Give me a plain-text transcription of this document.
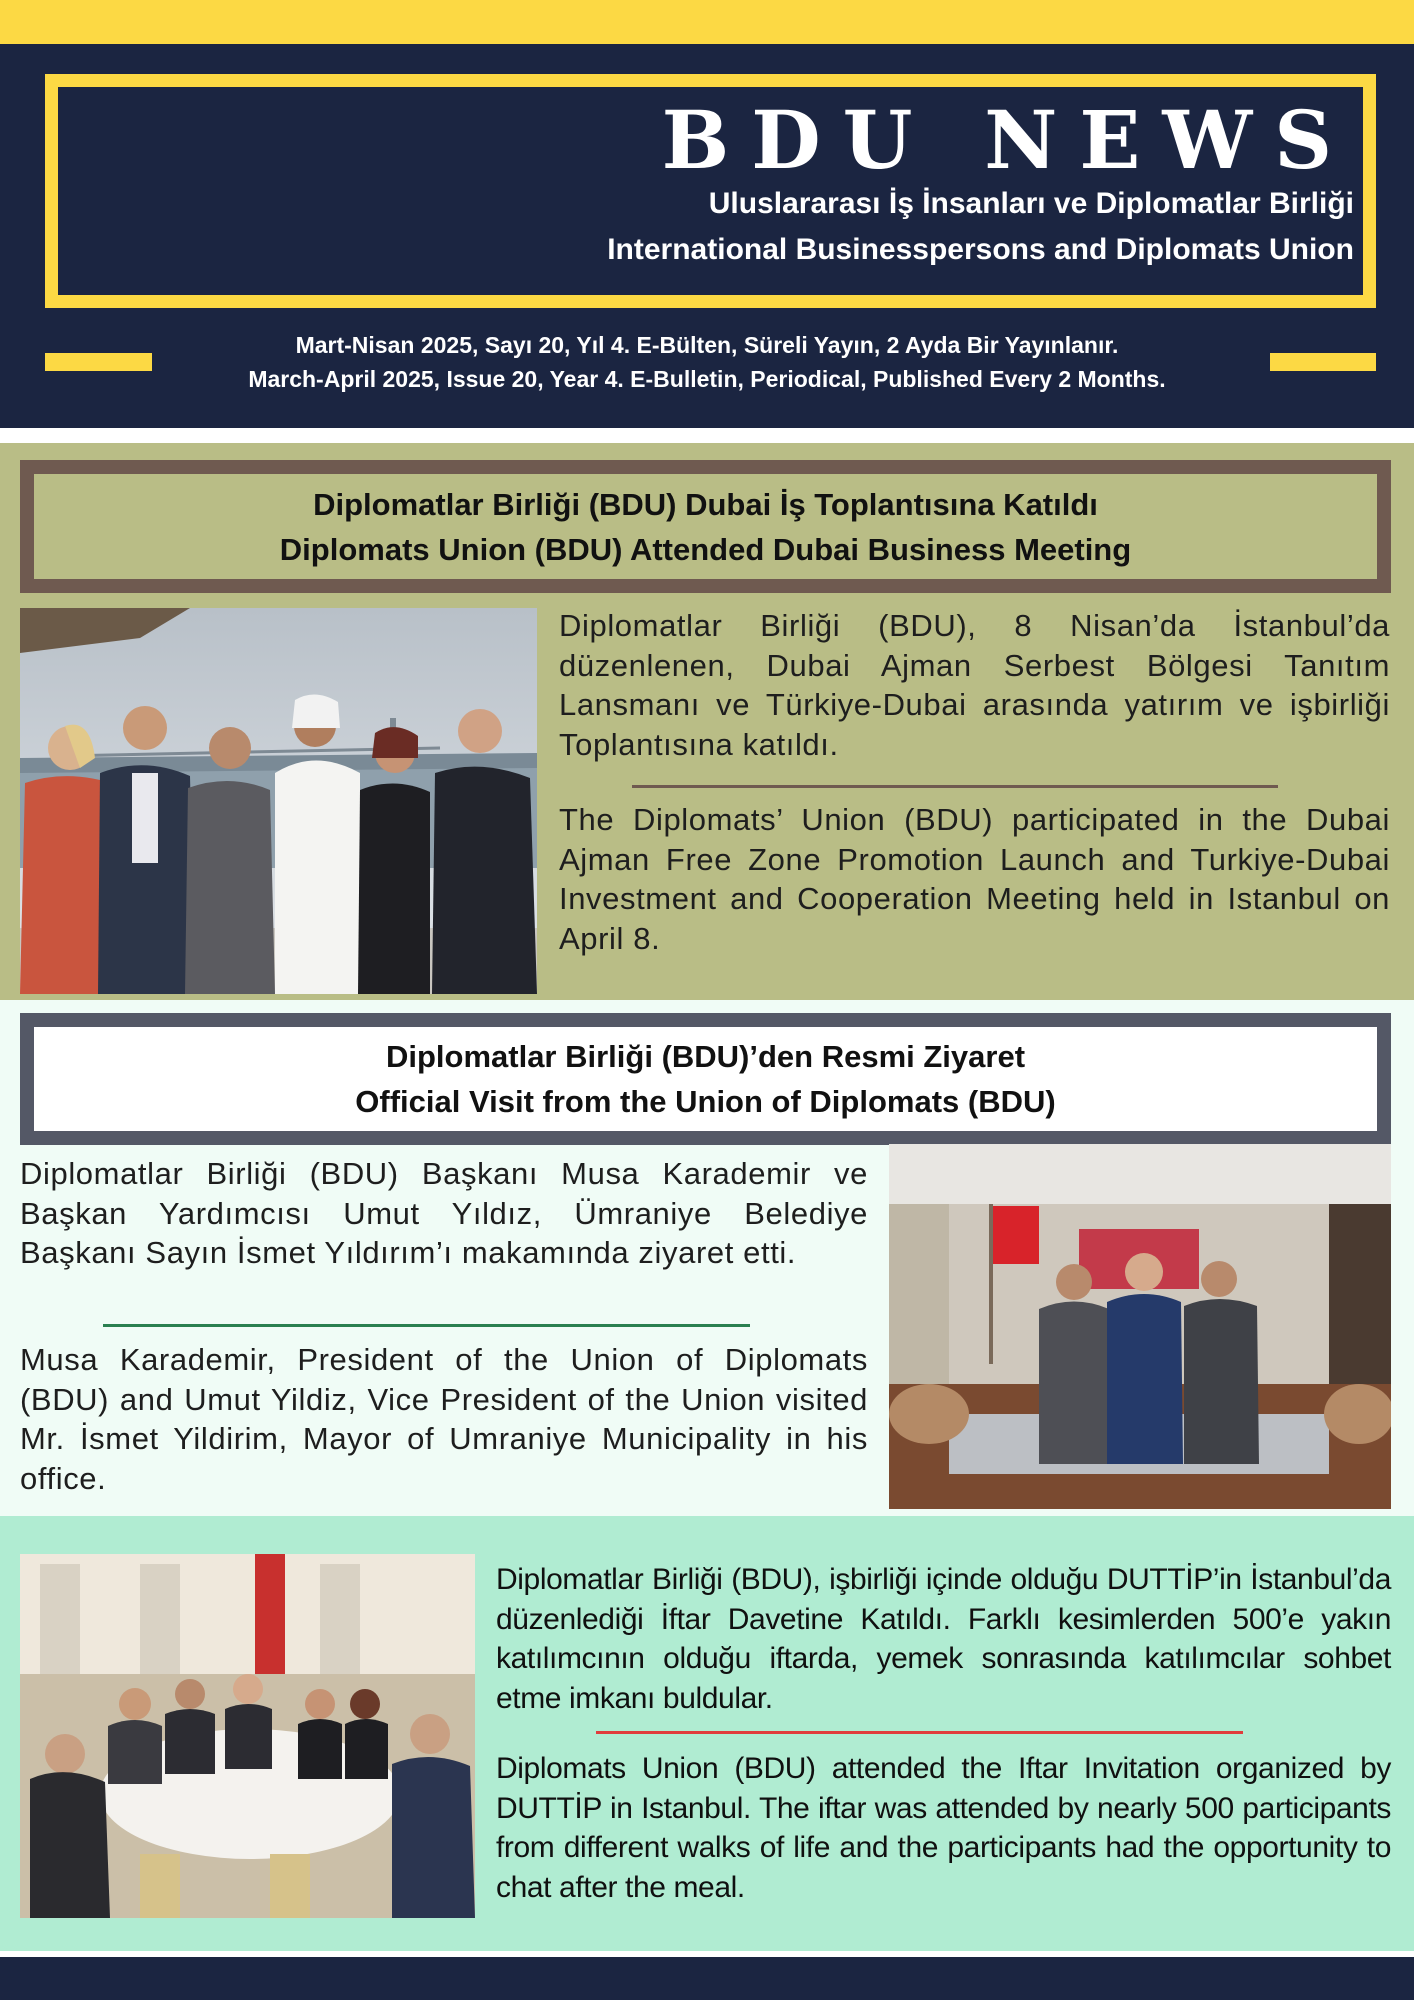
BDU NEWS
Uluslararası İş İnsanları ve Diplomatlar Birliği
International Businesspersons and Diplomats Union
Mart-Nisan 2025, Sayı 20, Yıl 4. E-Bülten, Süreli Yayın, 2 Ayda Bir Yayınlanır.
March-April 2025, Issue 20, Year 4. E-Bulletin, Periodical, Published Every 2 Months.
Diplomatlar Birliği (BDU) Dubai İş Toplantısına Katıldı
Diplomats Union (BDU) Attended Dubai Business Meeting

Diplomatlar Birliği (BDU), 8 Nisan’da İstanbul’da düzenlenen, Dubai Ajman Serbest Bölgesi Tanıtım Lansmanı ve Türkiye-Dubai arasında yatırım ve işbirliği Toplantısına katıldı.

The Diplomats’ Union (BDU) participated in the Dubai Ajman Free Zone Promotion Launch and Turkiye-Dubai Investment and Cooperation Meeting held in Istanbul on April 8.

Diplomatlar Birliği (BDU)’den Resmi Ziyaret
Official Visit from the Union of Diplomats (BDU)

Diplomatlar Birliği (BDU) Başkanı Musa Karademir ve Başkan Yardımcısı Umut Yıldız, Ümraniye Belediye Başkanı Sayın İsmet Yıldırım’ı makamında ziyaret etti.

Musa Karademir, President of the Union of Diplomats (BDU) and Umut Yildiz, Vice President of the Union visited Mr. İsmet Yildirim, Mayor of Umraniye Municipality in his office.

Diplomatlar Birliği (BDU), işbirliği içinde olduğu DUTTİP’in İstanbul’da düzenlediği İftar Davetine Katıldı. Farklı kesimlerden 500’e yakın katılımcının olduğu iftarda, yemek sonrasında katılımcılar sohbet etme imkanı buldular.

Diplomats Union (BDU) attended the Iftar Invitation organized by DUTTİP in Istanbul. The iftar was attended by nearly 500 participants from different walks of life and the participants had the opportunity to chat after the meal.
